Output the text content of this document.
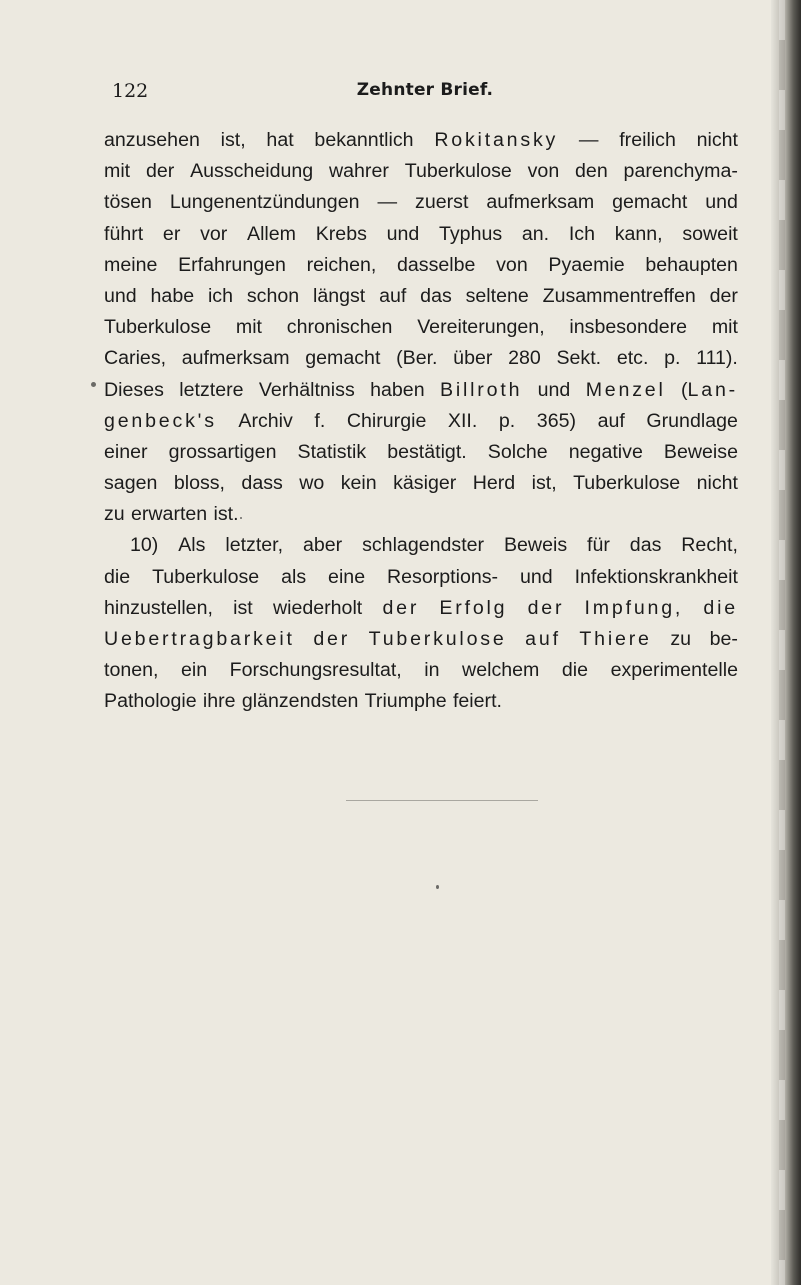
122	Zehnter Brief.
anzusehen ist, hat bekanntlich Rokitansky — freilich nicht
mit der Ausscheidung wahrer Tuberkulose von den parenchyma-
tösen Lungenentzündungen — zuerst aufmerksam gemacht und
führt er vor Allem Krebs und Typhus an. Ich kann, soweit
meine Erfahrungen reichen, dasselbe von Pyaemie behaupten
und habe ich schon längst auf das seltene Zusammentreffen der
Tuberkulose mit chronischen Vereiterungen, insbesondere mit
Caries, aufmerksam gemacht (Ber. über 280 Sekt. etc. p. 111).
Dieses letztere Verhältniss haben Billroth und Menzel (Lan-
genbeck's Archiv f. Chirurgie XII. p. 365) auf Grundlage
einer grossartigen Statistik bestätigt. Solche negative Beweise
sagen bloss, dass wo kein käsiger Herd ist, Tuberkulose nicht
zu erwarten ist.
10) Als letzter, aber schlagendster Beweis für das Recht,
die Tuberkulose als eine Resorptions- und Infektionskrankheit
hinzustellen, ist wiederholt der Erfolg der Impfung, die
Uebertragbarkeit der Tuberkulose auf Thiere zu be-
tonen, ein Forschungsresultat, in welchem die experimentelle
Pathologie ihre glänzendsten Triumphe feiert.
